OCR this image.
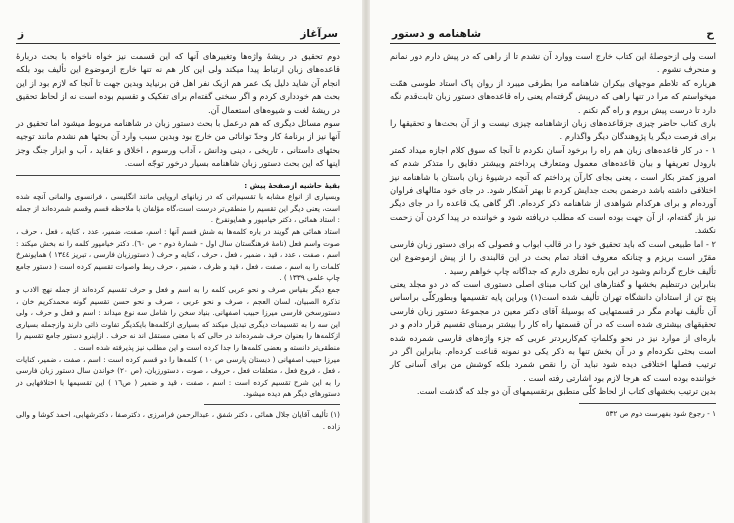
سرآغاز
ز

دوم تحقیق در ریشهٔ واژه‌ها وتغییرهای آنها که این قسمت نیز خواه ناخواه با بحث دربارهٔ قاعده‌های زبان ارتباط پیدا میکند ولی این کار هم نه تنها خارج ازموضوع این تألیف بود بلکه انجام آن شاید دلیل یک عمر هم ازیک نفر اهل فن برنیاید وبدین جهت تا آنجا که لازم بود از این بحث هم خودداری کردم و اگر سخنی گفته‌ام برای تفکیک و تقسیم بوده است نه از لحاظ تحقیق در ریشهٔ لغت و شیوه‌های استعمال آن.

سوم مسائل دیگری که هم درعمل با بحث دستور زبان در شاهنامه مربوط میشود اما تحقیق در آنها نیز از برنامهٔ کار وحدّ توانائی من خارج بود وبدین سبب وارد آن بحثها هم نشدم مانند توجیه بحثهای داستانی ، تاریخی ، دینی ودانش ، آداب ورسوم ، اخلاق و عقاید ، آب و ابزار جنگ وجز اینها که این بحث دستور زبان شاهنامه بسیار درخور توجّه است.

بقیهٔ حاشیه ازصفحهٔ پیش :

وبسیاری از انواع مشابه با تقسیم‌اتی که در زبانهای اروپایی مانند انگلیسی ، فرانسوی والمانی آنچه شده است، یعنی دیگر این تقسیم را منطقی‌تر درست است،گاه مؤلفان با ملاحظه قسم وقسم شمرده‌اند از جمله : استاد همائی ، دکتر خیامپور و همایونفرخ .

استاد همائی هم گویند در باره کلمه‌ها به شش قسم آنها : اسم، صفت، ضمیر، عدد ، کنایه ، فعل ، حرف ، صوت واسم فعل (نامهٔ فرهنگستان سال اول - شمارهٔ دوم - ص ٦٠). دکتر خیامپور کلمه را نه بخش میکند : اسم ، صفت ، عدد ، قید ، ضمیر ، فعل ، حرف ، کنایه و حرف ( دستورزبان فارسی ، تبریز ١٣٤٤ ) همایونفرخ کلمات را به اسم ، صفت ، فعل ، قید و ظرف ، ضمیر ، حرف ربط واصوات تقسیم کرده است ( دستور جامع چاپ علمی ١٣٣٩ ) .

جمع دیگر بقیاس صرف و نحو عربی کلمه را به اسم و فعل و حرف تقسیم کرده‌اند از جمله نهج الادب و تذکرة الصبیان، لسان العجم ، صرف و نحو عربی ، صرف و نحو حسن تقسیم گونه محمدکریم خان ، دستورسخن فارسی میرزا حبیب اصفهانی. بنیاد سخن را شامل سه نوع میداند : اسم و فعل و حرف ، ولی این سه را به تقسیمات دیگری تبدیل میکند که بسیاری ازکلمه‌ها بایکدیگر تفاوت ذاتی دارند وازجمله بسیاری ازکلمه‌ها را بعنوان حرف شمرده‌اند در حالی که با معنی مستقل اند نه حرف . ازاینرو دستور جامع تقسیم را منطقی‌تر دانسته و بعضی کلمه‌ها را جدا کرده است و این مطلب نیز پذیرفته شده است .

میرزا حبیب اصفهانی ( دبستان پارسی ص ١٠ ) کلمه‌ها را دو قسم کرده است : اسم ، صفت ، ضمیر، کنایات ، فعل ، فروع فعل ، متعلقات فعل ، حروف ، صوت ، دستورزبان، (ص ٢٠) خواندن سال دستور زبان فارسی را به این شرح تقسیم کرده است : اسم ، صفت ، قید و ضمیر ( ص١٦ ) این تقسیمها با اختلافهایی در دستورهای دیگر هم دیده میشود.

(١) تألیف آقایان جلال همائی ، دکتر شفق ، عبدالرحمن فرامرزی ، دکترصفا ، دکترشهابی، احمد کوشا و والی زاده .

ح
شاهنامه و دستور

است ولی ازحوصلهٔ این کتاب خارج است ووارد آن نشدم تا از راهی که در پیش دارم دور نمانم و منحرف نشوم .

هرباره که تلاطم موجهای بیکران شاهنامه مرا بطرفی میبرد از روان پاک استاد طوسی همّت میخواستم که مرا در تنها راهی که درپیش گرفته‌ام یعنی راه قاعده‌های دستور زبان ثابت‌قدم نگه دارد تا درست پیش بروم و راه گم نکنم .

باری کتاب حاضر چیزی جزقاعده‌های زبان ازشاهنامه چیزی نیست و از آن بحث‌ها و تحقیقها را برای فرصت دیگر یا پژوهندگان دیگر واگذارم .

١ - در کار قاعده‌های زبان هم راه را برخود آسان نکردم تا آنجا که سوق کلام اجازه میداد کمتر بارودل تعریفها و بیان قاعده‌های معمول ومتعارف پرداختم وبیشتر دقایق را متذکر شدم که امروز کمتر بکار است ، یعنی بجای کارآن پرداختم که آنچه درشیوهٔ زبان باستان با شاهنامه نیز اختلافی داشته باشد درضمن بحث جدایش کردم تا بهتر آشکار شود. در جای خود مثالهای فراوان آورده‌ام و برای هرکدام شواهدی از شاهنامه ذکر کرده‌ام. اگر گاهی یک قاعده را در جای دیگر نیز باز گفته‌ام، از آن جهت بوده است که مطلب دریافته شود و خواننده در پیدا کردن آن زحمت نکشد.

٢ - اما طبیعی است که باید تحقیق خود را در قالب ابواب و فصولی که برای دستور زبان فارسی مقرّر است بریزم و چنانکه معروف افتاد تمام بحث در این قالبندی را از پیش ازموضوع این تألیف خارج گردانم وشود در این باره نظری دارم که جداگانه چاپ خواهم رسید .

بنابراین درتنظیم بخشها و گفتارهای این کتاب مبنای اصلی دستوری است که در دو مجلد یعنی پنج تن از استادان دانشگاه تهران تألیف شده است(١) وبراین پایه تقسیمها وبطورکلّی براساس آن تألیف نهادم مگر در قسمتهایی که بوسیلهٔ آقای دکتر معین در مجموعهٔ دستور زبان فارسی تحقیقهای بیشتری شده است که در آن قسمتها راه کار را بیشتر برمبنای تقسیم قرار دادم و در باره‌ای از موارد نیز در نحو وکلماتِ کم‌کاربردتر عربی که جزء واژه‌های فارسی شمرده شده است بحثی نکرده‌ام و در آن بخش تنها به ذکر یکی دو نمونه قناعت کرده‌ام. بنابراین اگر در ترتیب فصلها اختلافی دیده شود نباید آن را نقص شمرد بلکه کوشش من برای آسانی کار خواننده بوده است که هرجا لازم بود اشارتی رفته است .

بدین ترتیب بخشهای کتاب از لحاظ کلّی منطبق برتقسیمهای آن دو جلد که گذشت است.

١ - رجوع شود بفهرست دوم ص ٥٣٢
